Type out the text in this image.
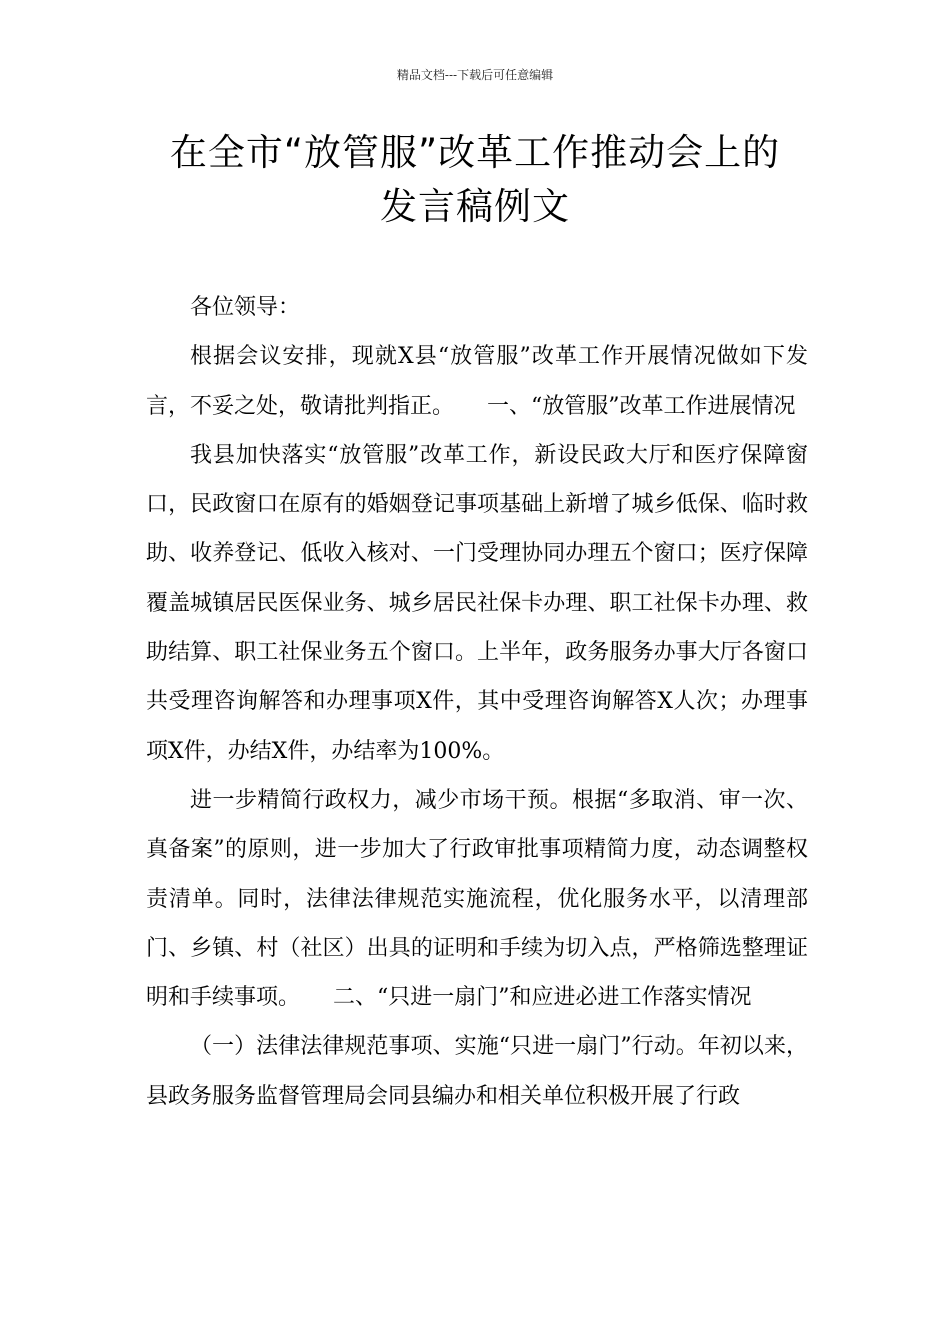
精品文档---下载后可任意编辑
在全市“放管服”改革工作推动会上的
发言稿例文

各位领导：

根据会议安排，现就X县“放管服”改革工作开展情况做如下发言，不妥之处，敬请批判指正。　　一、“放管服”改革工作进展情况

我县加快落实“放管服”改革工作，新设民政大厅和医疗保障窗口，民政窗口在原有的婚姻登记事项基础上新增了城乡低保、临时救助、收养登记、低收入核对、一门受理协同办理五个窗口；医疗保障覆盖城镇居民医保业务、城乡居民社保卡办理、职工社保卡办理、救助结算、职工社保业务五个窗口。上半年，政务服务办事大厅各窗口共受理咨询解答和办理事项X件，其中受理咨询解答X人次；办理事项X件，办结X件，办结率为100%。

进一步精简行政权力，减少市场干预。根据“多取消、审一次、真备案”的原则，进一步加大了行政审批事项精简力度，动态调整权责清单。同时，法律法律规范实施流程，优化服务水平，以清理部门、乡镇、村（社区）出具的证明和手续为切入点，严格筛选整理证明和手续事项。　　二、“只进一扇门”和应进必进工作落实情况

（一）法律法律规范事项、实施“只进一扇门”行动。年初以来，县政务服务监督管理局会同县编办和相关单位积极开展了行政
